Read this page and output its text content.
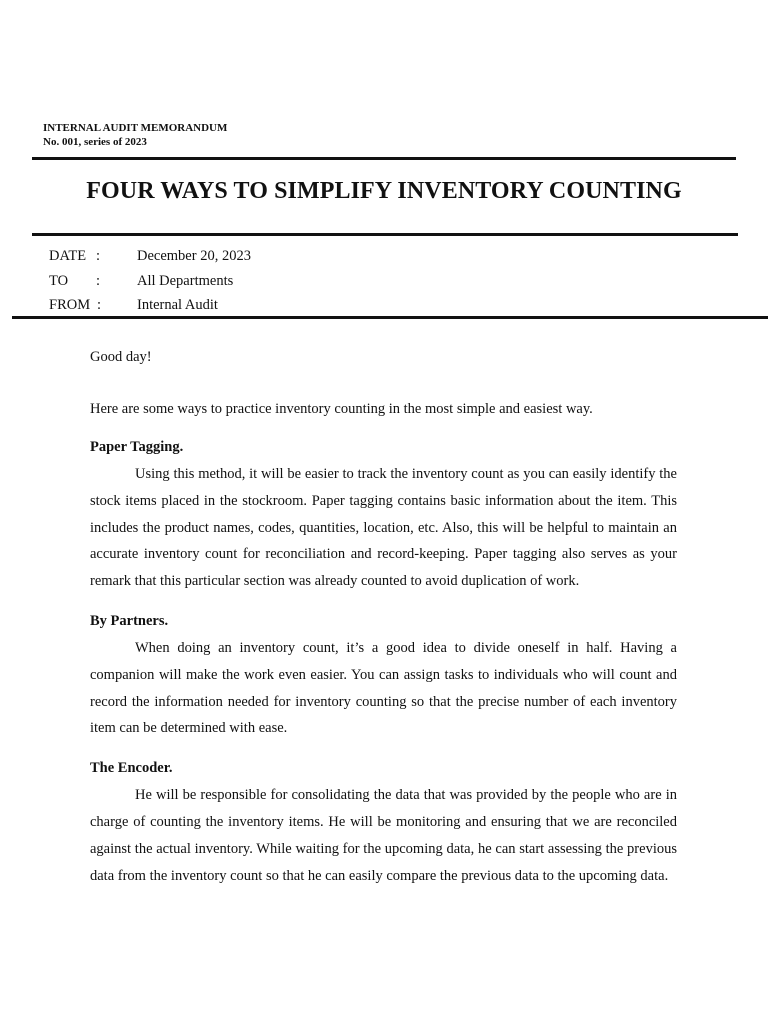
INTERNAL AUDIT MEMORANDUM
No. 001, series of 2023
FOUR WAYS TO SIMPLIFY INVENTORY COUNTING
DATE :	December 20, 2023
TO :	All Departments
FROM : Internal Audit
Good day!
Here are some ways to practice inventory counting in the most simple and easiest way.
Paper Tagging.

Using this method, it will be easier to track the inventory count as you can easily identify the stock items placed in the stockroom. Paper tagging contains basic information about the item. This includes the product names, codes, quantities, location, etc. Also, this will be helpful to maintain an accurate inventory count for reconciliation and record-keeping. Paper tagging also serves as your remark that this particular section was already counted to avoid duplication of work.

By Partners.

When doing an inventory count, it’s a good idea to divide oneself in half. Having a companion will make the work even easier. You can assign tasks to individuals who will count and record the information needed for inventory counting so that the precise number of each inventory item can be determined with ease.

The Encoder.

He will be responsible for consolidating the data that was provided by the people who are in charge of counting the inventory items. He will be monitoring and ensuring that we are reconciled against the actual inventory. While waiting for the upcoming data, he can start assessing the previous data from the inventory count so that he can easily compare the previous data to the upcoming data.
